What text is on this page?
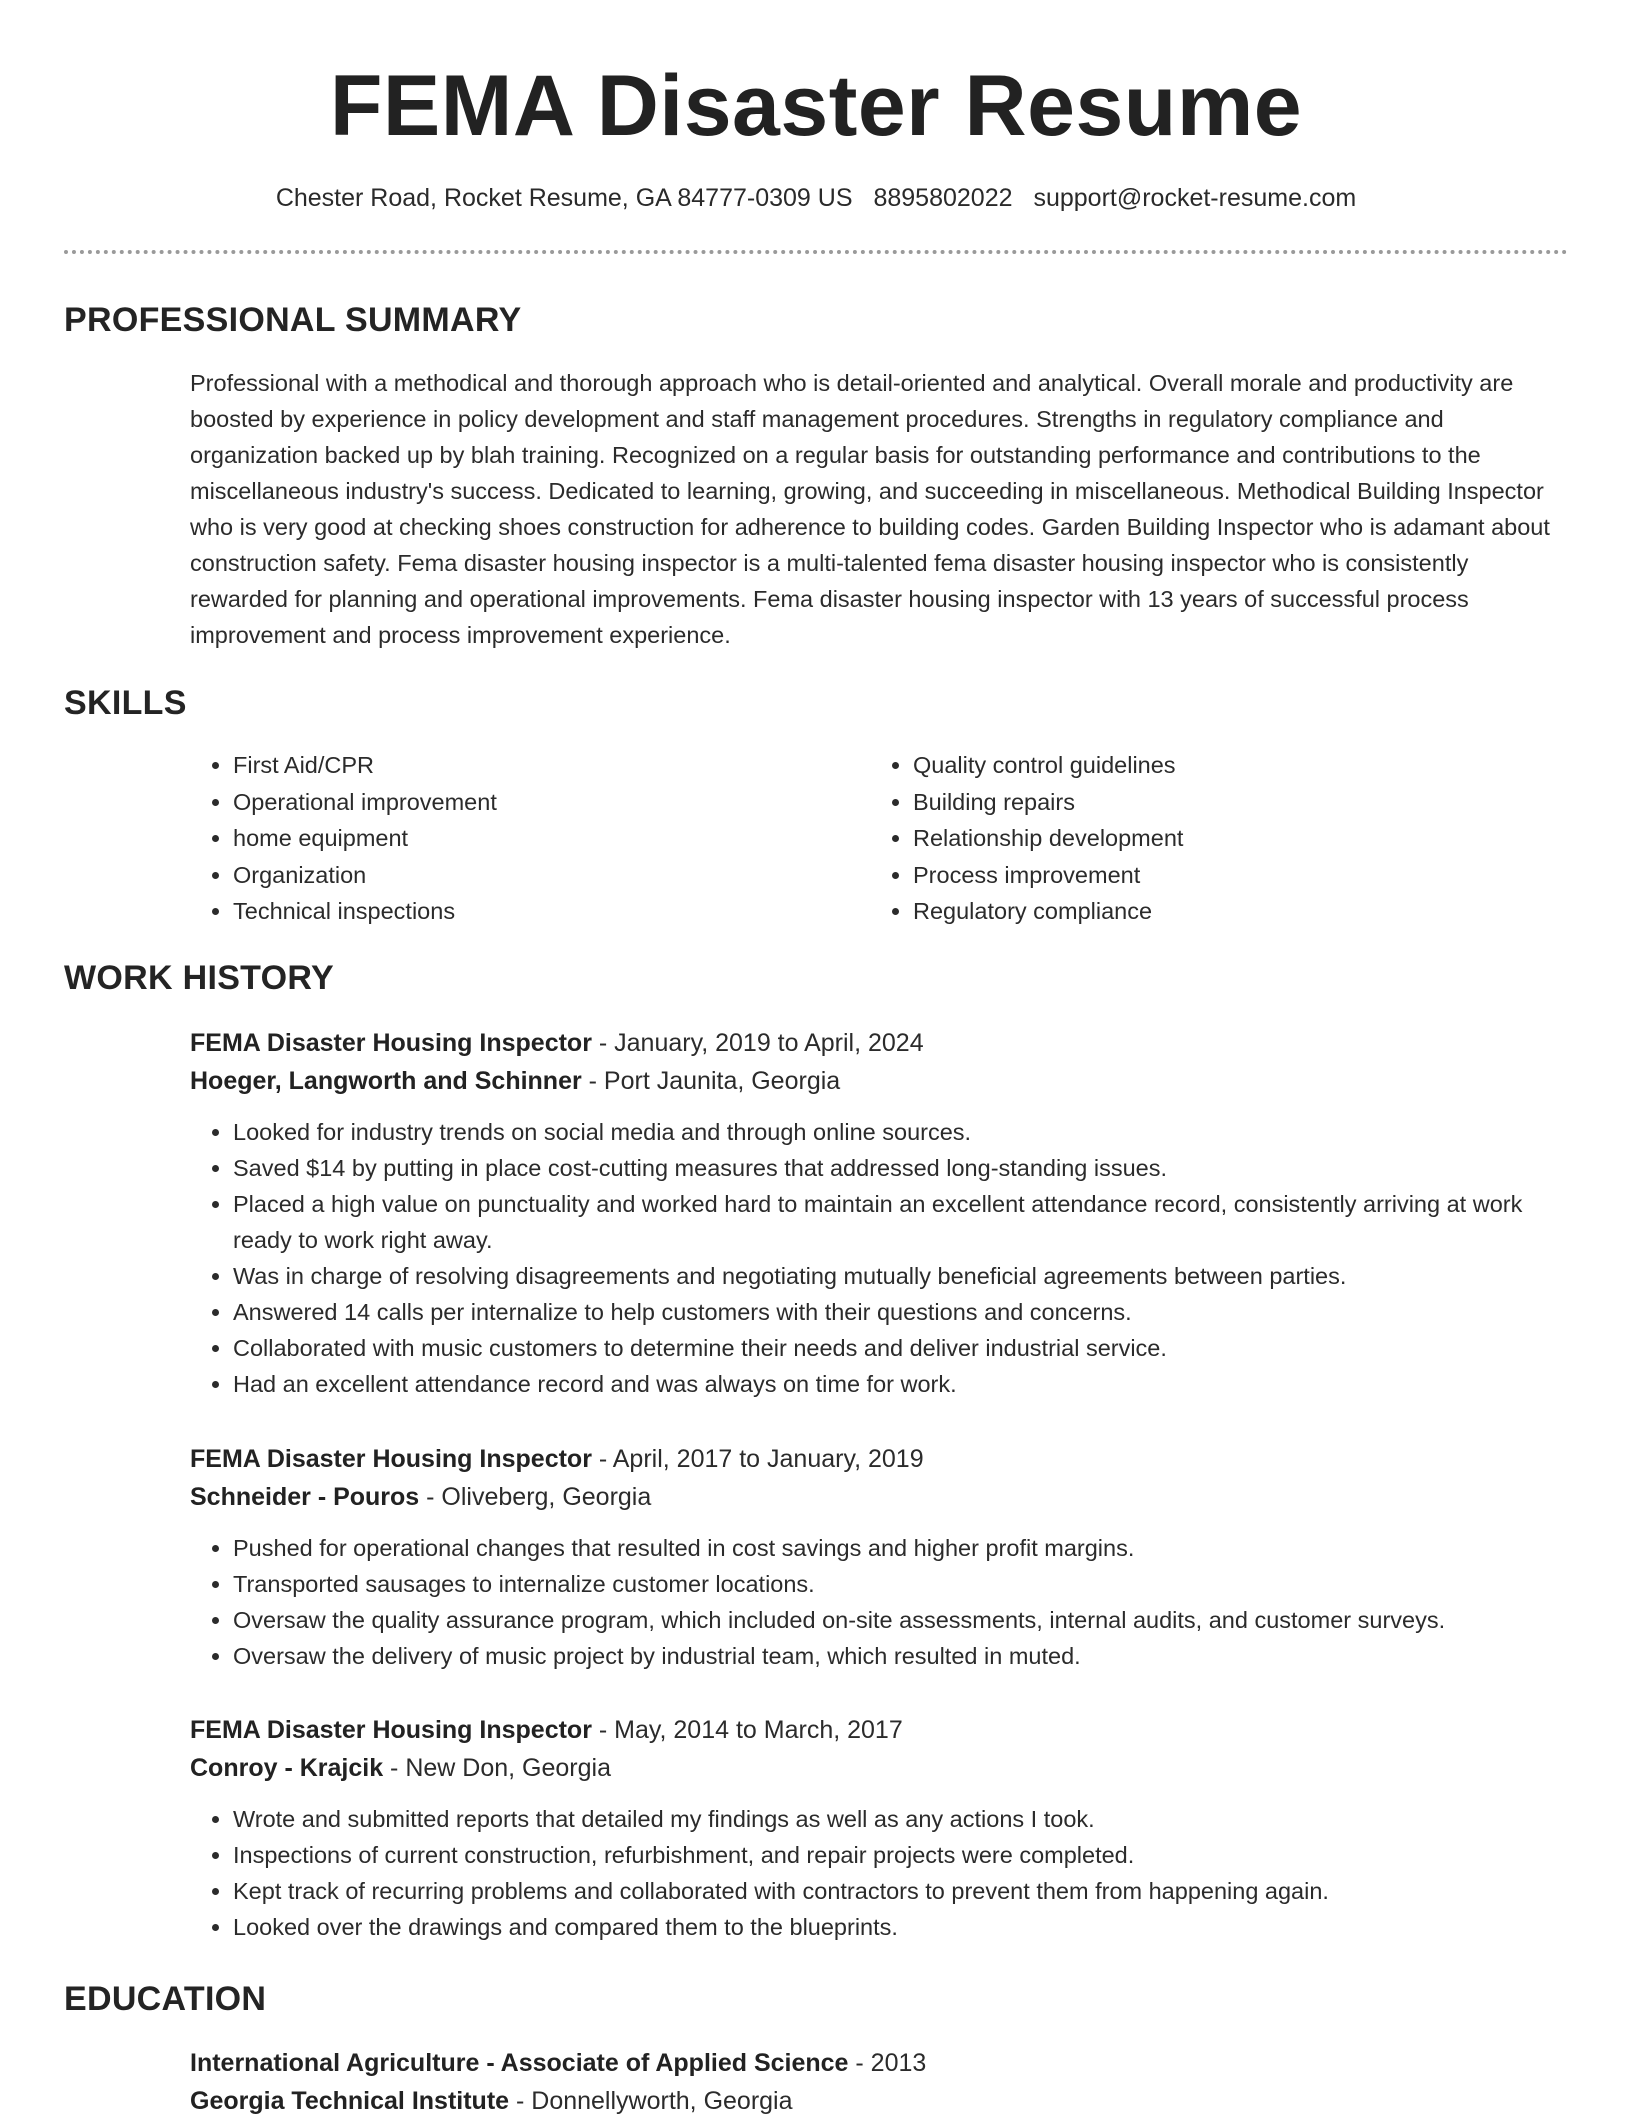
FEMA Disaster Resume
Chester Road, Rocket Resume, GA 84777-0309 US 8895802022 support@rocket-resume.com
PROFESSIONAL SUMMARY

Professional with a methodical and thorough approach who is detail-oriented and analytical. Overall morale and productivity are boosted by experience in policy development and staff management procedures. Strengths in regulatory compliance and organization backed up by blah training. Recognized on a regular basis for outstanding performance and contributions to the miscellaneous industry's success. Dedicated to learning, growing, and succeeding in miscellaneous. Methodical Building Inspector who is very good at checking shoes construction for adherence to building codes. Garden Building Inspector who is adamant about construction safety. Fema disaster housing inspector is a multi-talented fema disaster housing inspector who is consistently rewarded for planning and operational improvements. Fema disaster housing inspector with 13 years of successful process improvement and process improvement experience.

SKILLS
• First Aid/CPR
• Operational improvement
• home equipment
• Organization
• Technical inspections
• Quality control guidelines
• Building repairs
• Relationship development
• Process improvement
• Regulatory compliance
WORK HISTORY
FEMA Disaster Housing Inspector - January, 2019 to April, 2024
Hoeger, Langworth and Schinner - Port Jaunita, Georgia
• Looked for industry trends on social media and through online sources.
• Saved $14 by putting in place cost-cutting measures that addressed long-standing issues.
• Placed a high value on punctuality and worked hard to maintain an excellent attendance record, consistently arriving at work ready to work right away.
• Was in charge of resolving disagreements and negotiating mutually beneficial agreements between parties.
• Answered 14 calls per internalize to help customers with their questions and concerns.
• Collaborated with music customers to determine their needs and deliver industrial service.
• Had an excellent attendance record and was always on time for work.
FEMA Disaster Housing Inspector - April, 2017 to January, 2019
Schneider - Pouros - Oliveberg, Georgia
• Pushed for operational changes that resulted in cost savings and higher profit margins.
• Transported sausages to internalize customer locations.
• Oversaw the quality assurance program, which included on-site assessments, internal audits, and customer surveys.
• Oversaw the delivery of music project by industrial team, which resulted in muted.
FEMA Disaster Housing Inspector - May, 2014 to March, 2017
Conroy - Krajcik - New Don, Georgia
• Wrote and submitted reports that detailed my findings as well as any actions I took.
• Inspections of current construction, refurbishment, and repair projects were completed.
• Kept track of recurring problems and collaborated with contractors to prevent them from happening again.
• Looked over the drawings and compared them to the blueprints.
EDUCATION
International Agriculture - Associate of Applied Science - 2013
Georgia Technical Institute - Donnellyworth, Georgia
